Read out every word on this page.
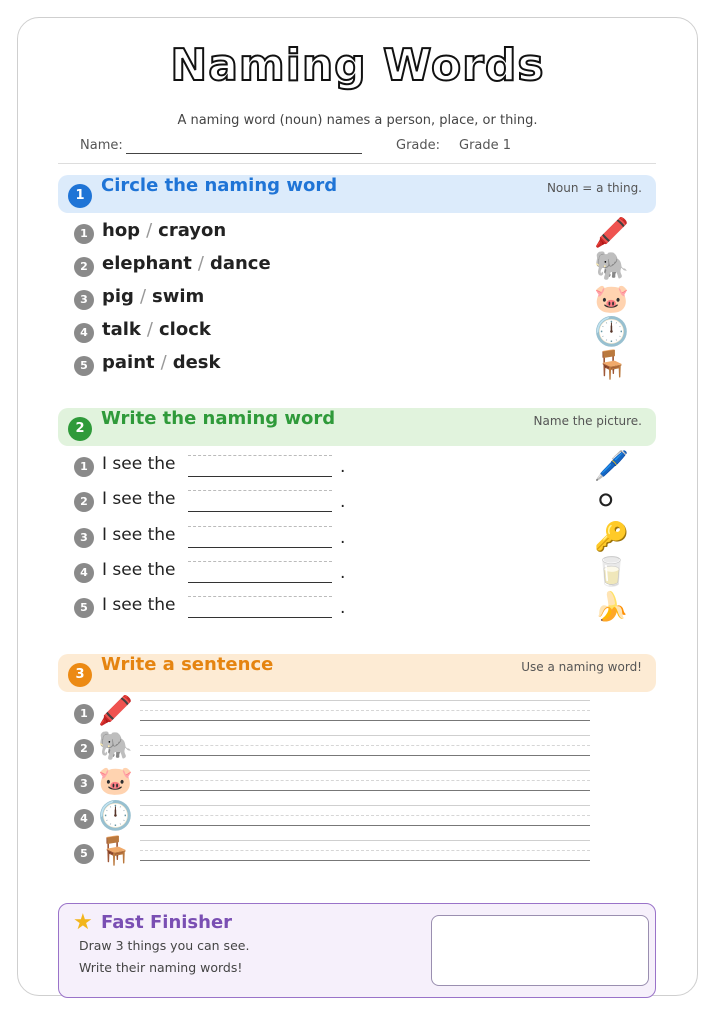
Naming Words
A naming word (noun) names a person, place, or thing.
Name:	Grade: Grade 1
1 Circle the naming word	Noun = a thing.
1 hop / crayon	🖍️
2 elephant / dance	🐘
3 pig / swim	🐷
4 talk / clock	🕛
5 paint / desk	🪑
2 Write the naming word	Name the picture.
1 I see the	.	🖊️
2 I see the	.	⚪
3 I see the	.	🔑
4 I see the	.	🥛
5 I see the	.	🍌
3 Write a sentence	Use a naming word!
1 🖍️
2 🐘
3 🐷
4 🕛
5 🪑
★ Fast Finisher
Draw 3 things you can see.
Write their naming words!
